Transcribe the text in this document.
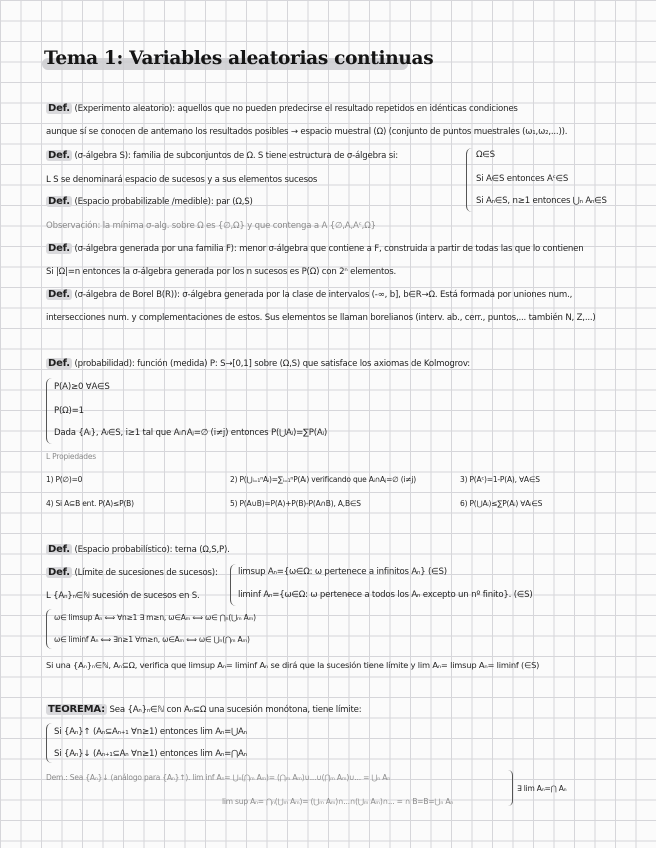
Tema 1: Variables aleatorias continuas
Def. (Experimento aleatorio): aquellos que no pueden predecirse el resultado repetidos en idénticas condiciones
aunque sí se conocen de antemano los resultados posibles → espacio muestral (Ω) (conjunto de puntos muestrales (ω₁,ω₂,...)).
Def. (σ-álgebra S): familia de subconjuntos de Ω. S tiene estructura de σ-álgebra si:
L S se denominará espacio de sucesos y a sus elementos sucesos
Def. (Espacio probabilizable /medible): par (Ω,S)
Ω∈S
Si A∈S entonces Aᶜ∈S
Si Aₙ∈S, n≥1 entonces ⋃ₙ Aₙ∈S
Observación: la mínima σ-alg. sobre Ω es {∅,Ω} y que contenga a A {∅,A,Aᶜ,Ω}
Def. (σ-álgebra generada por una familia F): menor σ-álgebra que contiene a F, construida a partir de todas las que lo contienen
Si |Ω|=n entonces la σ-álgebra generada por los n sucesos es P(Ω) con 2ⁿ elementos.
Def. (σ-álgebra de Borel B(R)): σ-álgebra generada por la clase de intervalos (-∞, b], b∈R→Ω. Está formada por uniones num.,
intersecciones num. y complementaciones de estos. Sus elementos se llaman borelianos (interv. ab., cerr., puntos,... también N, Z,...)
Def. (probabilidad): función (medida) P: S→[0,1] sobre (Ω,S) que satisface los axiomas de Kolmogrov:
P(A)≥0 ∀A∈S
P(Ω)=1
Dada {Aᵢ}, Aᵢ∈S, i≥1 tal que Aᵢ∩Aⱼ=∅ (i≠j) entonces P(⋃Aᵢ)=∑P(Aᵢ)
L Propiedades
1) P(∅)=0	2) P(⋃ᵢ₌₁ⁿAᵢ)=∑ᵢ₌₁ⁿP(Aᵢ) verificando que Aᵢ∩Aⱼ=∅ (i≠j)	3) P(Aᶜ)=1-P(A), ∀A∈S
4) Si A⊆B ent. P(A)≤P(B)	5) P(A∪B)=P(A)+P(B)-P(A∩B), A,B∈S	6) P(⋃Aᵢ)≤∑P(Aᵢ) ∀Aᵢ∈S
Def. (Espacio probabilístico): terna (Ω,S,P).
Def. (Límite de sucesiones de sucesos): limsup Aₙ={ω∈Ω: ω pertenece a infinitos Aₙ} (∈S)
liminf Aₙ={ω∈Ω: ω pertenece a todos los Aₙ excepto un nº finito}. (∈S)
L {Aₙ}ₙ∈ℕ sucesión de sucesos en S.
ω∈ limsup Aₙ ⟺ ∀n≥1 ∃ m≥n, ω∈Aₘ ⟺ ω∈ ⋂ₙ(⋃ₘ Aₘ)
ω∈ liminf Aₙ ⟺ ∃n≥1 ∀m≥n, ω∈Aₘ ⟺ ω∈ ⋃ₙ(⋂ₘ Aₘ)
Si una {Aₙ}ₙ∈ℕ, Aₙ⊆Ω, verifica que limsup Aₙ= liminf Aₙ se dirá que la sucesión tiene límite y lim Aₙ= limsup Aₙ= liminf (∈S)
TEOREMA: Sea {Aₙ}ₙ∈ℕ con Aₙ⊆Ω una sucesión monótona, tiene límite:
Si {Aₙ}↑ (Aₙ⊆Aₙ₊₁ ∀n≥1) entonces lim Aₙ=⋃Aₙ
Si {Aₙ}↓ (Aₙ₊₁⊆Aₙ ∀n≥1) entonces lim Aₙ=⋂Aₙ
Dem.: Sea {Aₙ}↓ (análogo para {Aₙ}↑). lim inf Aₙ= ⋃ₙ(⋂ₘ Aₘ)= (⋂ₘ Aₘ)∪...∪(⋂ₘ Aₘ)∪... = ⋃ₙ Aₙ
lim sup Aₙ= ⋂ₙ(⋃ₘ Aₘ)= (⋃ₘ Aₘ)∩...∩(⋃ₘ Aₘ)∩... = ∩ B=B=⋃ₙ Aₙ
∃ lim Aₙ=⋂ Aₙ
